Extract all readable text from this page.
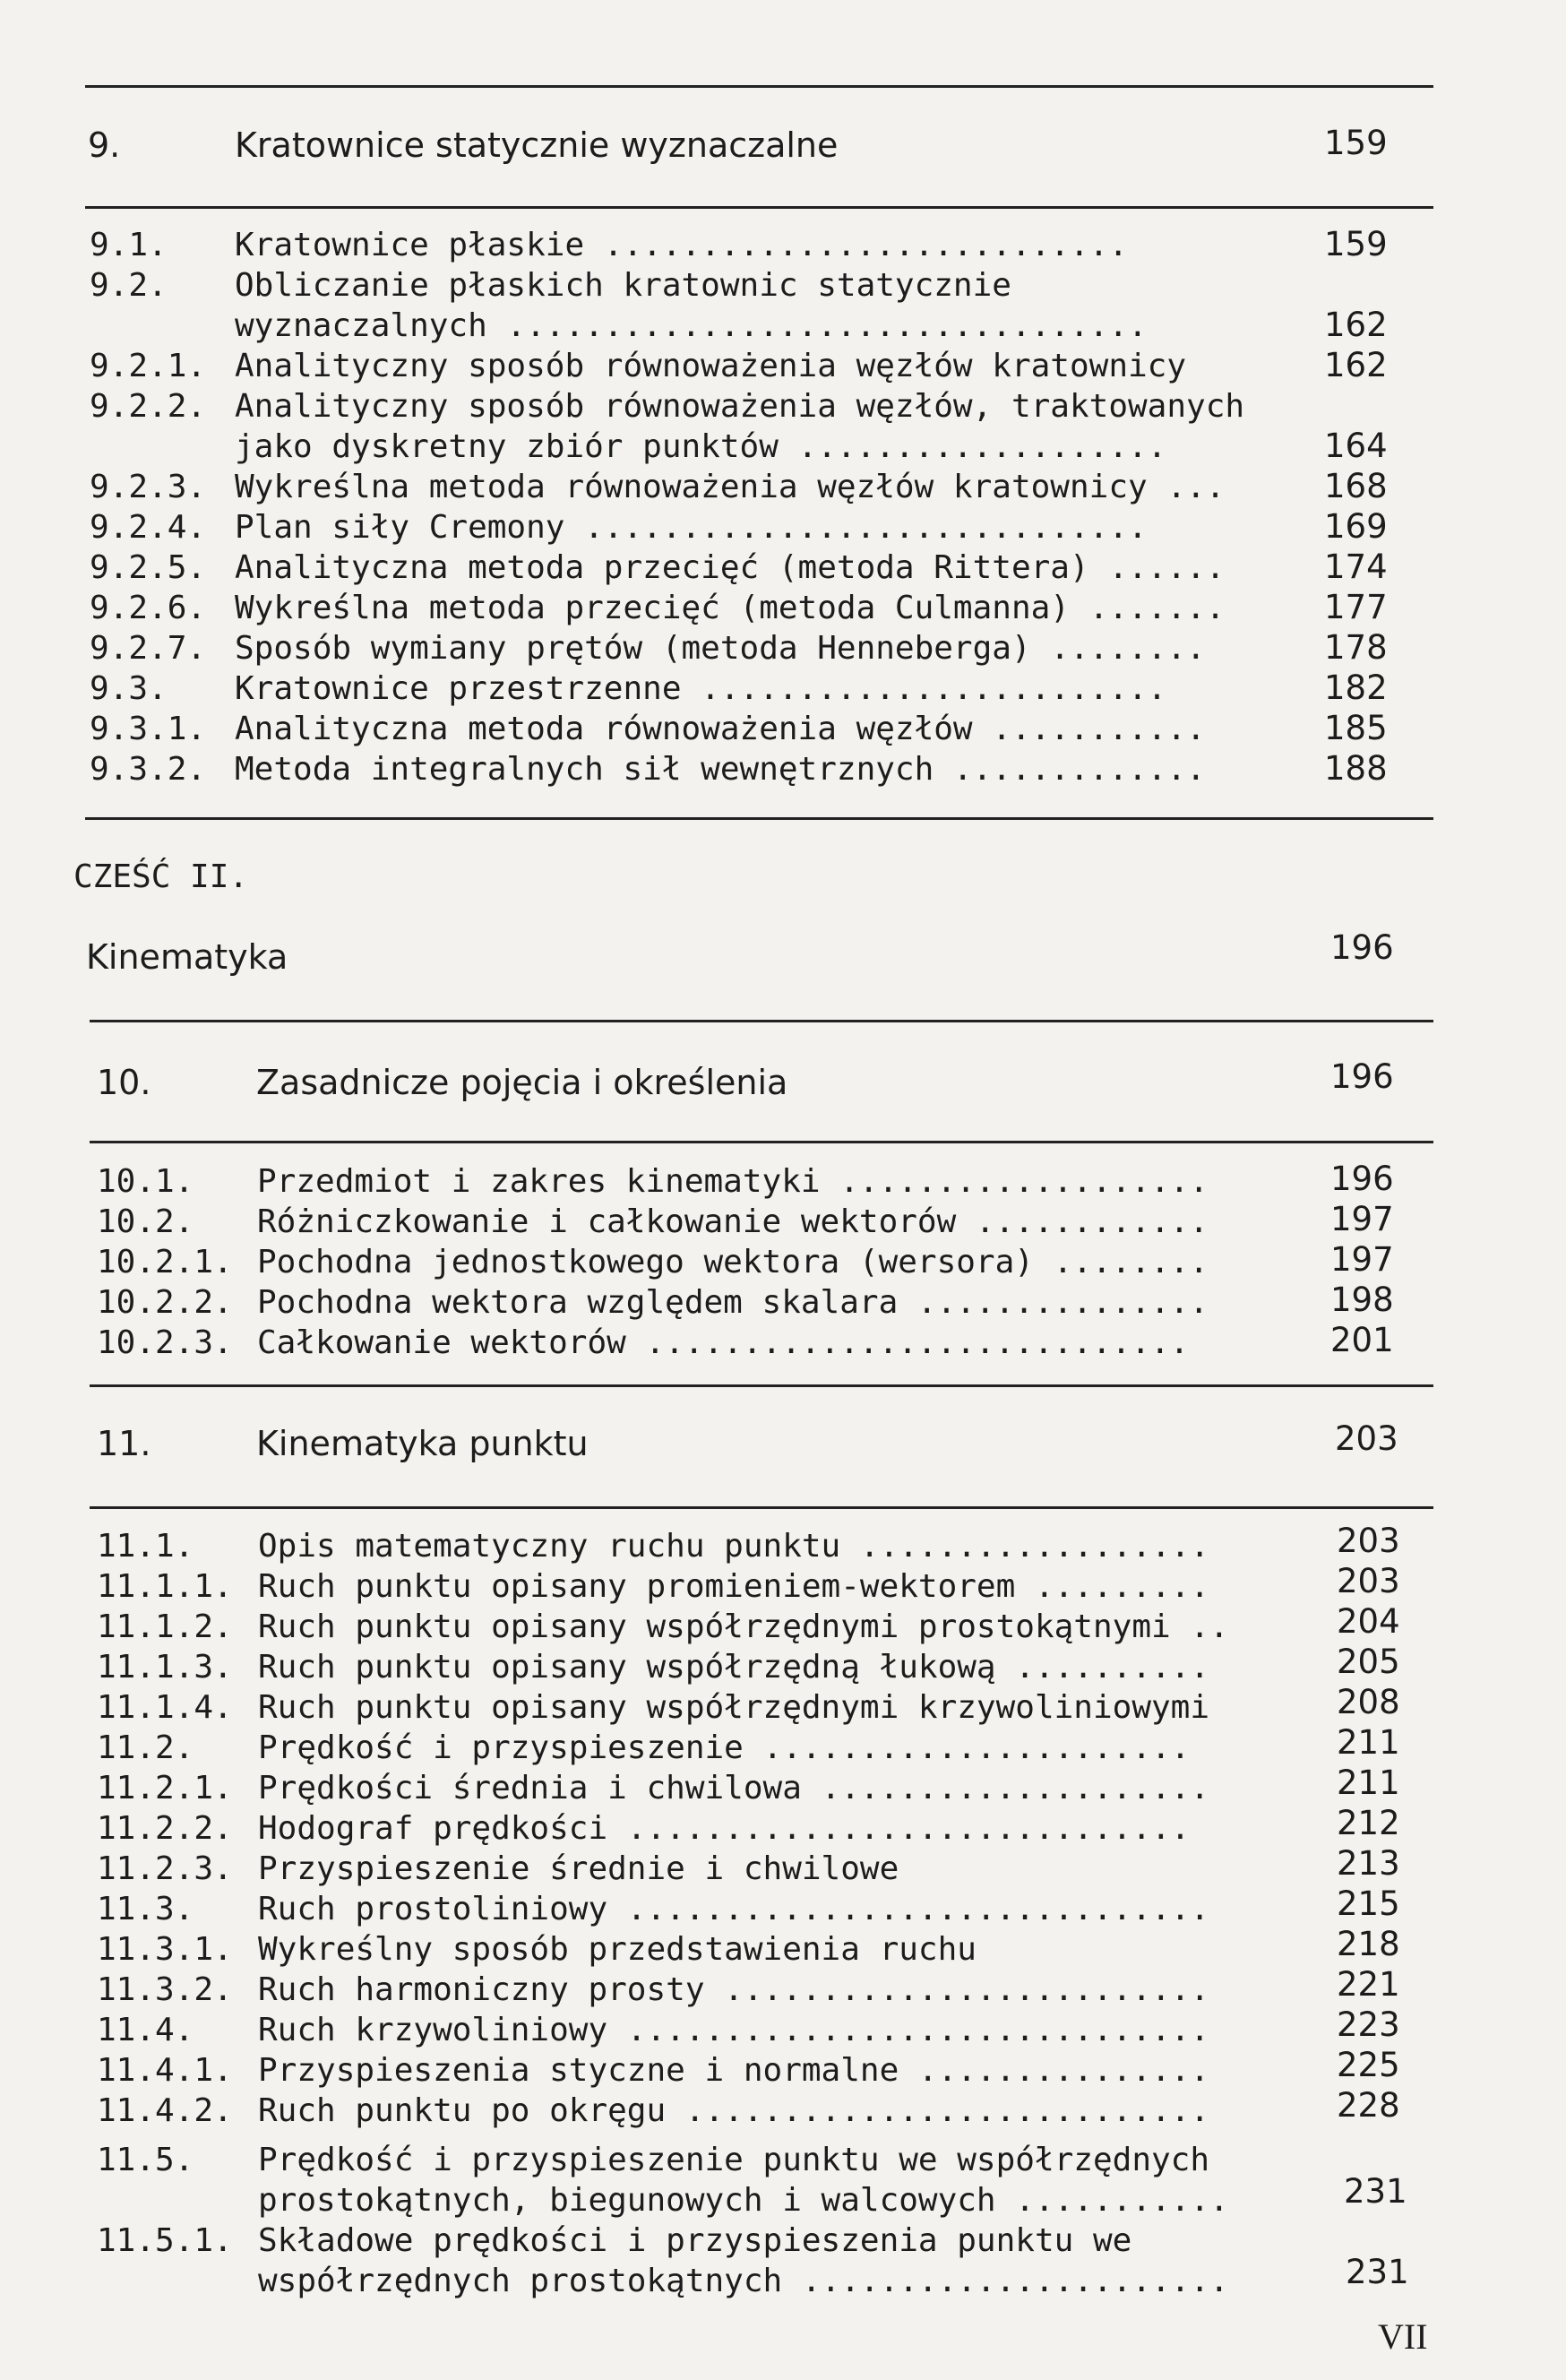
9.	Kratownice statycznie wyznaczalne	159
9.1. Kratownice płaskie ...........................	159
9.2. Obliczanie płaskich kratownic statycznie
wyznaczalnych .................................	162
9.2.1. Analityczny sposób równoważenia węzłów kratownicy	162
9.2.2. Analityczny sposób równoważenia węzłów, traktowanych
jako dyskretny zbiór punktów ...................	164
9.2.3. Wykreślna metoda równoważenia węzłów kratownicy ...	168
9.2.4. Plan siły Cremony .............................	169
9.2.5. Analityczna metoda przecięć (metoda Rittera) ......	174
9.2.6. Wykreślna metoda przecięć (metoda Culmanna) .......	177
9.2.7. Sposób wymiany prętów (metoda Henneberga) ........	178
9.3. Kratownice przestrzenne ........................	182
9.3.1. Analityczna metoda równoważenia węzłów ...........	185
9.3.2. Metoda integralnych sił wewnętrznych .............	188
CZEŚĆ II.
Kinematyka	196
10.	Zasadnicze pojęcia i określenia	196
10.1. Przedmiot i zakres kinematyki ...................	196
10.2. Różniczkowanie i całkowanie wektorów ............	197
10.2.1. Pochodna jednostkowego wektora (wersora) ........	197
10.2.2. Pochodna wektora względem skalara ...............	198
10.2.3. Całkowanie wektorów ............................	201
11.	Kinematyka punktu	203
11.1. Opis matematyczny ruchu punktu ..................	203
11.1.1. Ruch punktu opisany promieniem-wektorem .........	203
11.1.2. Ruch punktu opisany współrzędnymi prostokątnymi ..	204
11.1.3. Ruch punktu opisany współrzędną łukową ..........	205
11.1.4. Ruch punktu opisany współrzędnymi krzywoliniowymi	208
11.2. Prędkość i przyspieszenie ......................	211
11.2.1. Prędkości średnia i chwilowa ....................	211
11.2.2. Hodograf prędkości .............................	212
11.2.3. Przyspieszenie średnie i chwilowe	213
11.3. Ruch prostoliniowy ..............................	215
11.3.1. Wykreślny sposób przedstawienia ruchu	218
11.3.2. Ruch harmoniczny prosty .........................	221
11.4. Ruch krzywoliniowy ..............................	223
11.4.1. Przyspieszenia styczne i normalne ...............	225
11.4.2. Ruch punktu po okręgu ...........................	228
11.5. Prędkość i przyspieszenie punktu we współrzędnych
prostokątnych, biegunowych i walcowych ...........	231
11.5.1. Składowe prędkości i przyspieszenia punktu we
współrzędnych prostokątnych ......................	231
VII
